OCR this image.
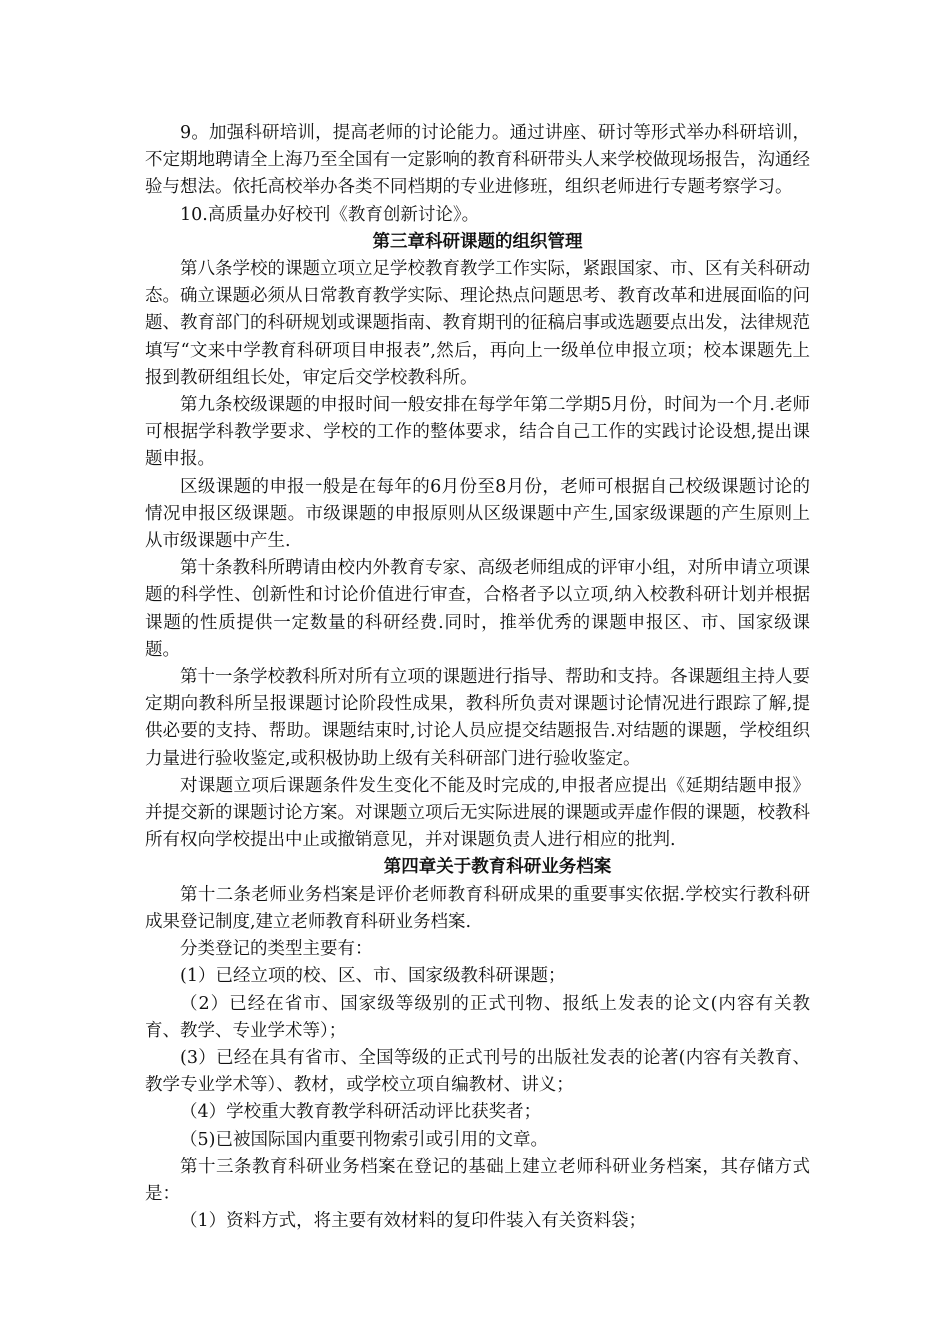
9。加强科研培训，提高老师的讨论能力。通过讲座、研讨等形式举办科研培训，不定期地聘请全上海乃至全国有一定影响的教育科研带头人来学校做现场报告，沟通经验与想法。依托高校举办各类不同档期的专业进修班，组织老师进行专题考察学习。

10.高质量办好校刊《教育创新讨论》。

第三章科研课题的组织管理

第八条学校的课题立项立足学校教育教学工作实际，紧跟国家、市、区有关科研动态。确立课题必须从日常教育教学实际、理论热点问题思考、教育改革和进展面临的问题、教育部门的科研规划或课题指南、教育期刊的征稿启事或选题要点出发，法律规范填写“文来中学教育科研项目申报表”,然后，再向上一级单位申报立项；校本课题先上报到教研组组长处，审定后交学校教科所。

第九条校级课题的申报时间一般安排在每学年第二学期5月份，时间为一个月.老师可根据学科教学要求、学校的工作的整体要求，结合自己工作的实践讨论设想,提出课题申报。

区级课题的申报一般是在每年的6月份至8月份，老师可根据自己校级课题讨论的情况申报区级课题。市级课题的申报原则从区级课题中产生,国家级课题的产生原则上从市级课题中产生.

第十条教科所聘请由校内外教育专家、高级老师组成的评审小组，对所申请立项课题的科学性、创新性和讨论价值进行审查，合格者予以立项,纳入校教科研计划并根据课题的性质提供一定数量的科研经费.同时，推举优秀的课题申报区、市、国家级课题。

第十一条学校教科所对所有立项的课题进行指导、帮助和支持。各课题组主持人要定期向教科所呈报课题讨论阶段性成果，教科所负责对课题讨论情况进行跟踪了解,提供必要的支持、帮助。课题结束时,讨论人员应提交结题报告.对结题的课题，学校组织力量进行验收鉴定,或积极协助上级有关科研部门进行验收鉴定。

对课题立项后课题条件发生变化不能及时完成的,申报者应提出《延期结题申报》并提交新的课题讨论方案。对课题立项后无实际进展的课题或弄虚作假的课题，校教科所有权向学校提出中止或撤销意见，并对课题负责人进行相应的批判.

第四章关于教育科研业务档案

第十二条老师业务档案是评价老师教育科研成果的重要事实依据.学校实行教科研成果登记制度,建立老师教育科研业务档案.

分类登记的类型主要有：

(1）已经立项的校、区、市、国家级教科研课题；

（2）已经在省市、国家级等级别的正式刊物、报纸上发表的论文(内容有关教育、教学、专业学术等）；

(3）已经在具有省市、全国等级的正式刊号的出版社发表的论著(内容有关教育、教学专业学术等）、教材，或学校立项自编教材、讲义；

（4）学校重大教育教学科研活动评比获奖者；

（5)已被国际国内重要刊物索引或引用的文章。

第十三条教育科研业务档案在登记的基础上建立老师科研业务档案，其存储方式是：

（1）资料方式，将主要有效材料的复印件装入有关资料袋；
